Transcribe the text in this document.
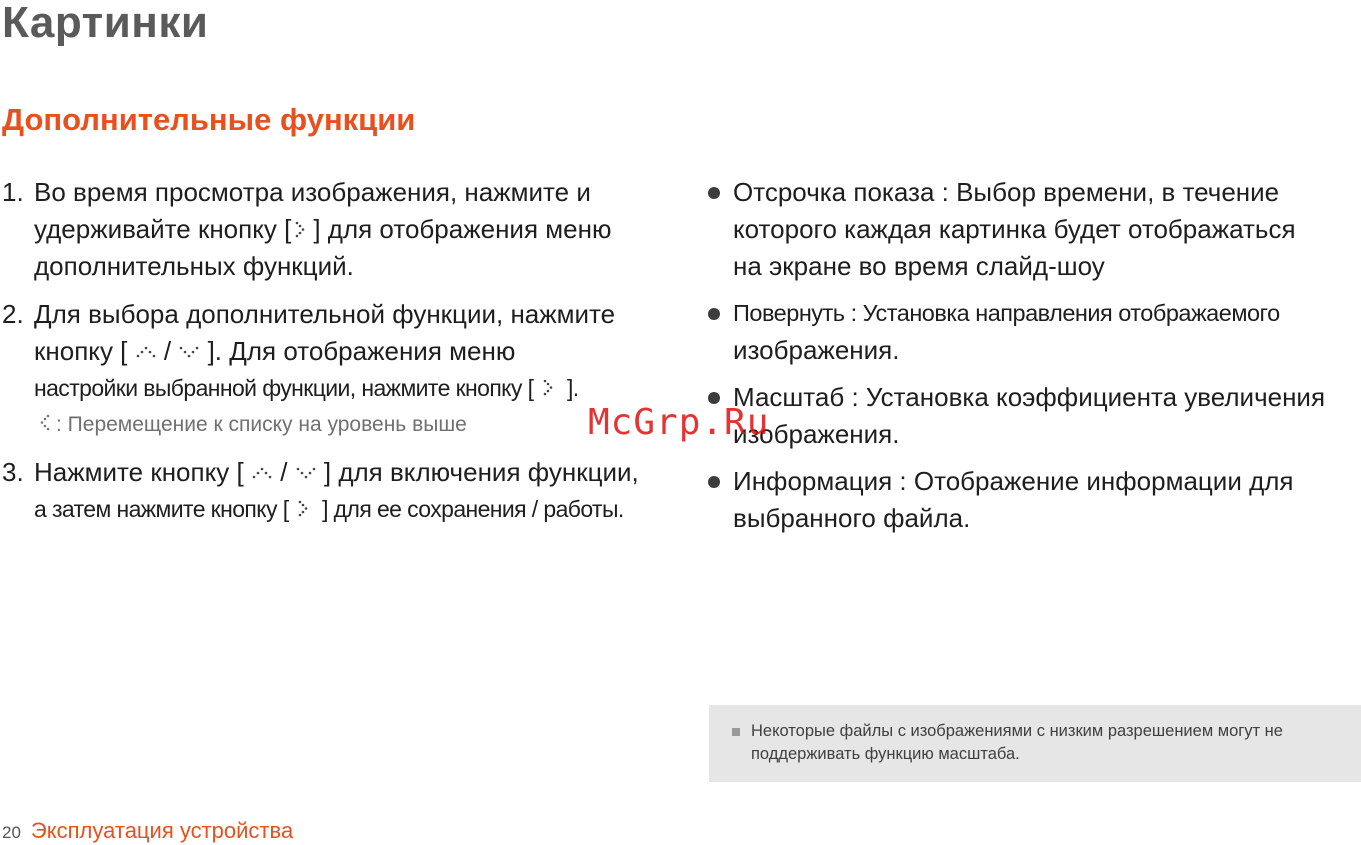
Картинки
Дополнительные функции
1. Во время просмотра изображения, нажмите и
удерживайте кнопку [ ] для отображения меню
дополнительных функций.
2. Для выбора дополнительной функции, нажмите
кнопку [ / ]. Для отображения меню
настройки выбранной функции, нажмите кнопку [ ].
: Перемещение к списку на уровень выше
3. Нажмите кнопку [ / ] для включения функции,
а затем нажмите кнопку [ ] для ее сохранения / работы.
Отсрочка показа : Выбор времени, в течение
которого каждая картинка будет отображаться
на экране во время слайд-шоу
Повернуть : Установка направления отображаемого
изображения.
Масштаб : Установка коэффициента увеличения
изображения.
Информация : Отображение информации для
выбранного файла.
McGrp.Ru
Некоторые файлы с изображениями с низким разрешением могут не
поддерживать функцию масштаба.
20 Эксплуатация устройства
